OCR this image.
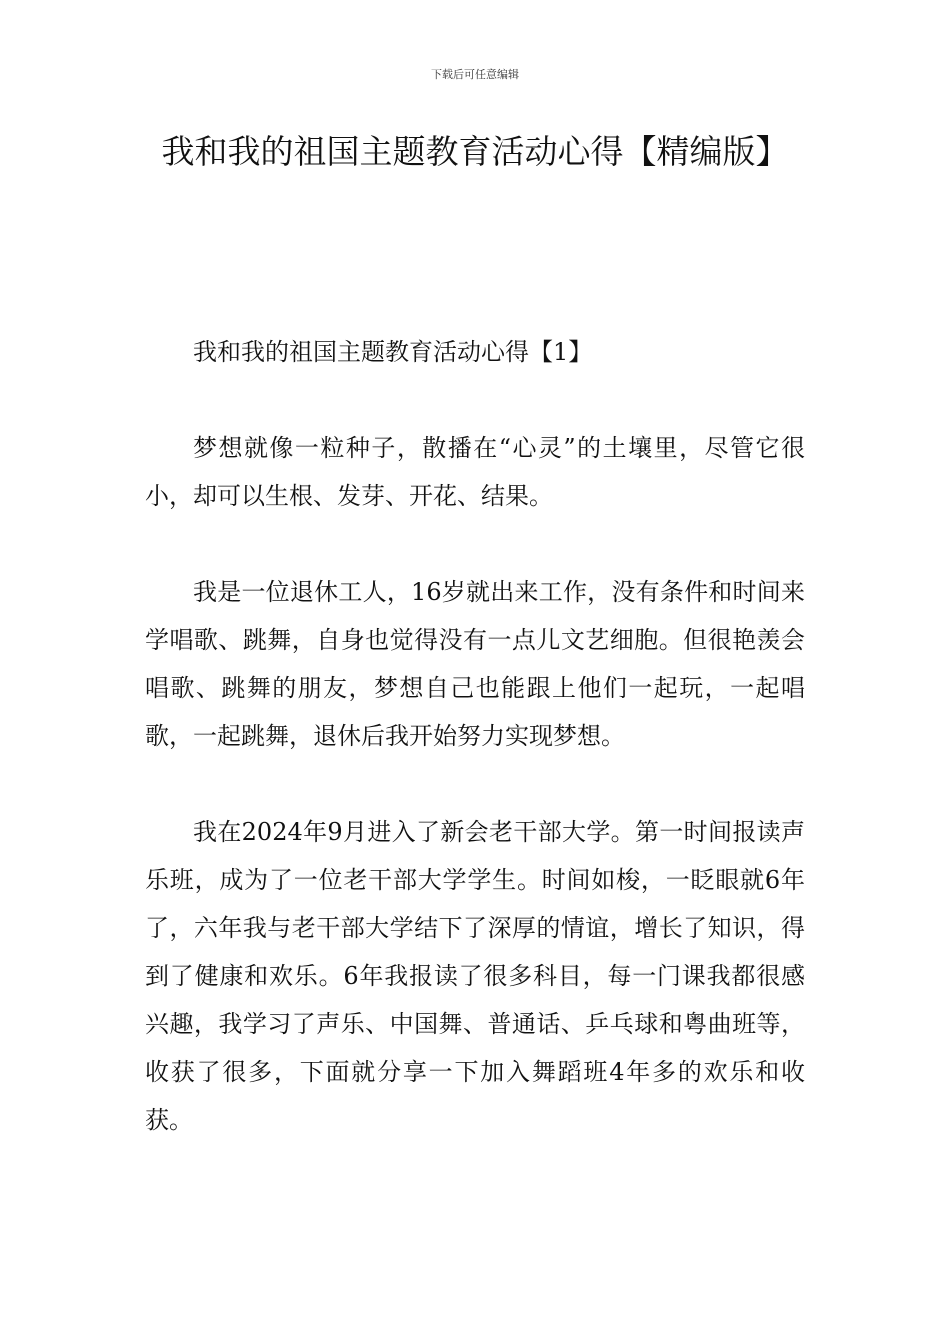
下载后可任意编辑
我和我的祖国主题教育活动心得【精编版】

我和我的祖国主题教育活动心得【1】

梦想就像一粒种子，散播在“心灵”的土壤里，尽管它很小，却可以生根、发芽、开花、结果。

我是一位退休工人，16岁就出来工作，没有条件和时间来学唱歌、跳舞，自身也觉得没有一点儿文艺细胞。但很艳羡会唱歌、跳舞的朋友，梦想自己也能跟上他们一起玩，一起唱歌，一起跳舞，退休后我开始努力实现梦想。

我在2024年9月进入了新会老干部大学。第一时间报读声乐班，成为了一位老干部大学学生。时间如梭，一眨眼就6年了，六年我与老干部大学结下了深厚的情谊，增长了知识，得到了健康和欢乐。6年我报读了很多科目，每一门课我都很感兴趣，我学习了声乐、中国舞、普通话、乒乓球和粤曲班等，收获了很多，下面就分享一下加入舞蹈班4年多的欢乐和收获。
